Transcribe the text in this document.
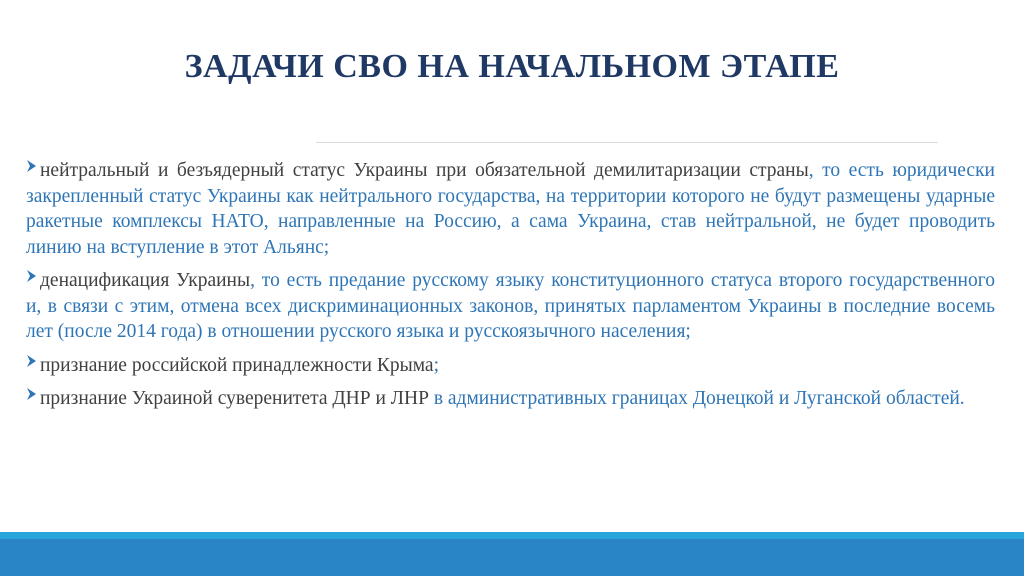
ЗАДАЧИ СВО НА НАЧАЛЬНОМ ЭТАПЕ
нейтральный и безъядерный статус Украины при обязательной демилитаризации страны, то есть юридически закрепленный статус Украины как нейтрального государства, на территории которого не будут размещены ударные ракетные комплексы НАТО, направленные на Россию, а сама Украина, став нейтральной, не будет проводить линию на вступление в этот Альянс;
денацификация Украины, то есть предание русскому языку конституционного статуса второго государственного и, в связи с этим, отмена всех дискриминационных законов, принятых парламентом Украины в последние восемь лет (после 2014 года) в отношении русского языка и русскоязычного населения;
признание российской принадлежности Крыма;
признание Украиной суверенитета ДНР и ЛНР в административных границах Донецкой и Луганской областей.
